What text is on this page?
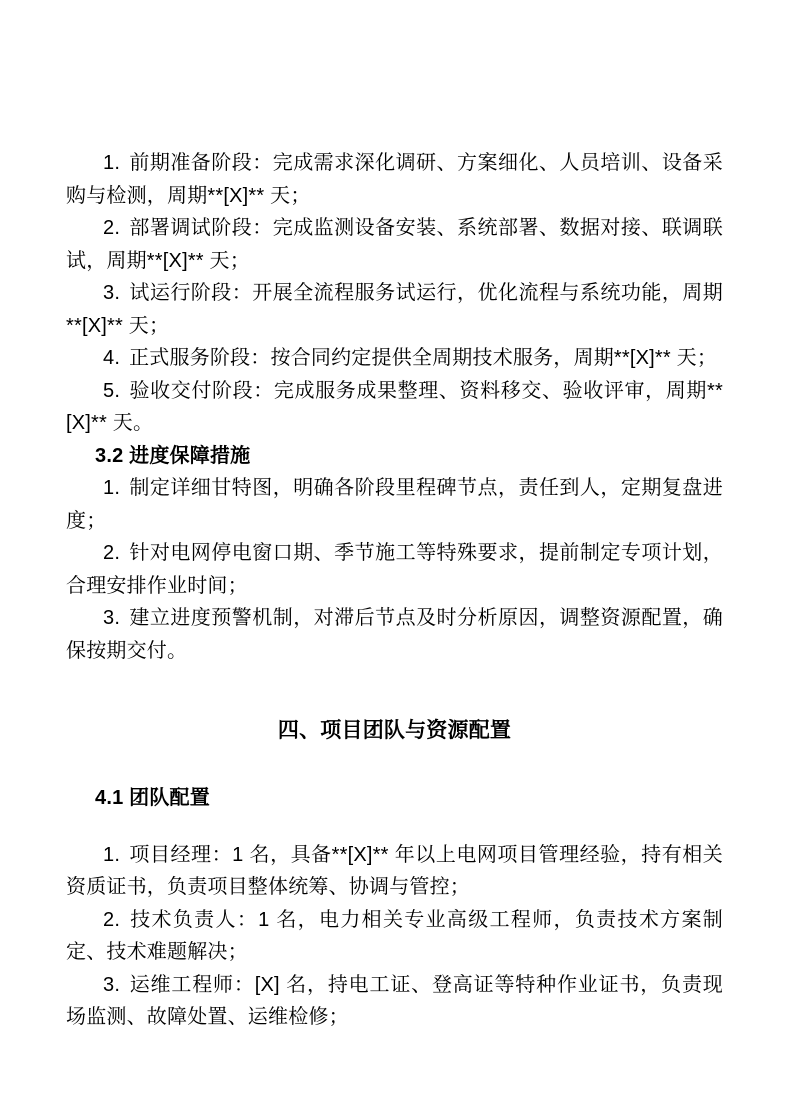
1. 前期准备阶段：完成需求深化调研、方案细化、人员培训、设备采购与检测，周期**[X]** 天；

2. 部署调试阶段：完成监测设备安装、系统部署、数据对接、联调联试，周期**[X]** 天；

3. 试运行阶段：开展全流程服务试运行，优化流程与系统功能，周期**[X]** 天；

4. 正式服务阶段：按合同约定提供全周期技术服务，周期**[X]** 天；

5. 验收交付阶段：完成服务成果整理、资料移交、验收评审，周期**[X]** 天。

3.2 进度保障措施

1. 制定详细甘特图，明确各阶段里程碑节点，责任到人，定期复盘进度；

2. 针对电网停电窗口期、季节施工等特殊要求，提前制定专项计划，合理安排作业时间；

3. 建立进度预警机制，对滞后节点及时分析原因，调整资源配置，确保按期交付。

四、项目团队与资源配置

4.1 团队配置

1. 项目经理：1 名，具备**[X]** 年以上电网项目管理经验，持有相关资质证书，负责项目整体统筹、协调与管控；

2. 技术负责人：1 名，电力相关专业高级工程师，负责技术方案制定、技术难题解决；

3. 运维工程师：[X] 名，持电工证、登高证等特种作业证书，负责现场监测、故障处置、运维检修；
